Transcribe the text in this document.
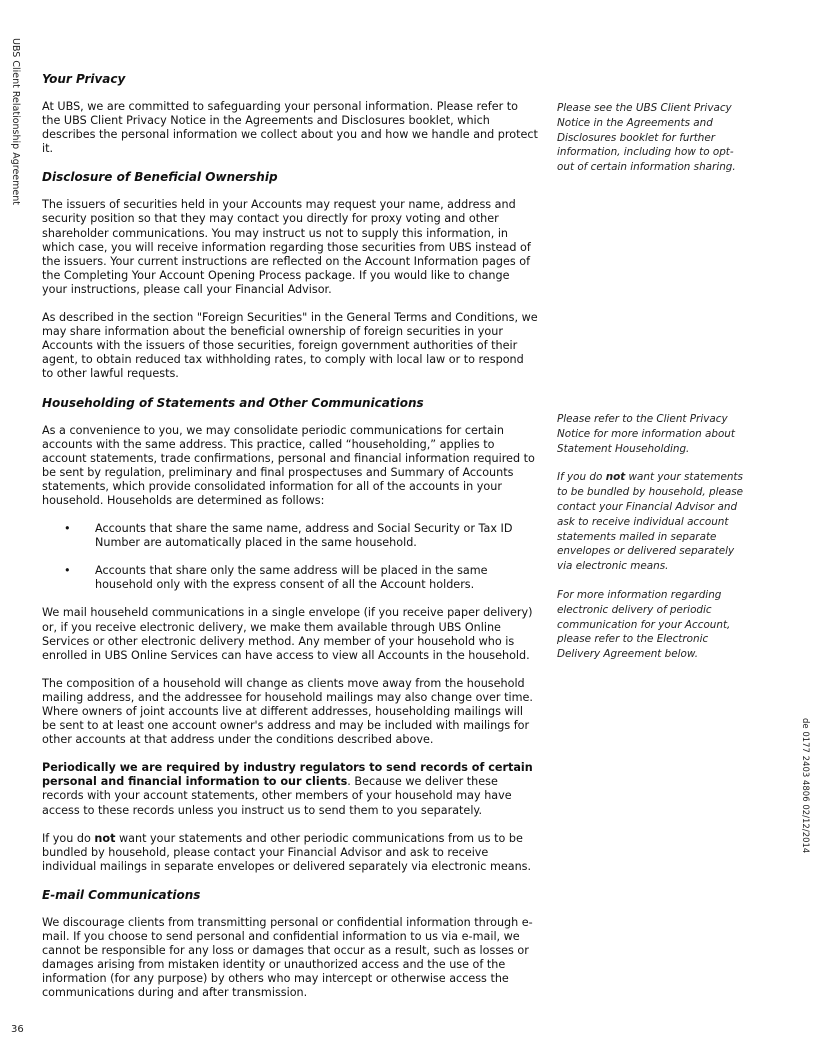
UBS Client Relationship Agreement
de 0177 2403 4806 02/12/2014
36
Your Privacy

At UBS, we are committed to safeguarding your personal information. Please refer to the UBS Client Privacy Notice in the Agreements and Disclosures booklet, which describes the personal information we collect about you and how we handle and protect it.

Disclosure of Beneficial Ownership

The issuers of securities held in your Accounts may request your name, address and security position so that they may contact you directly for proxy voting and other shareholder communications. You may instruct us not to supply this information, in which case, you will receive information regarding those securities from UBS instead of the issuers. Your current instructions are reflected on the Account Information pages of the Completing Your Account Opening Process package. If you would like to change your instructions, please call your Financial Advisor.

As described in the section "Foreign Securities" in the General Terms and Conditions, we may share information about the beneficial ownership of foreign securities in your Accounts with the issuers of those securities, foreign government authorities of their agent, to obtain reduced tax withholding rates, to comply with local law or to respond to other lawful requests.

Householding of Statements and Other Communications

As a convenience to you, we may consolidate periodic communications for certain accounts with the same address. This practice, called “householding,” applies to account statements, trade confirmations, personal and financial information required to be sent by regulation, preliminary and final prospectuses and Summary of Accounts statements, which provide consolidated information for all of the accounts in your household. Households are determined as follows:

• Accounts that share the same name, address and Social Security or Tax ID Number are automatically placed in the same household.
• Accounts that share only the same address will be placed in the same household only with the express consent of all the Account holders.

We mail househeld communications in a single envelope (if you receive paper delivery) or, if you receive electronic delivery, we make them available through UBS Online Services or other electronic delivery method. Any member of your household who is enrolled in UBS Online Services can have access to view all Accounts in the household.

The composition of a household will change as clients move away from the household mailing address, and the addressee for household mailings may also change over time. Where owners of joint accounts live at different addresses, householding mailings will be sent to at least one account owner's address and may be included with mailings for other accounts at that address under the conditions described above.

Periodically we are required by industry regulators to send records of certain personal and financial information to our clients. Because we deliver these records with your account statements, other members of your household may have access to these records unless you instruct us to send them to you separately.

If you do not want your statements and other periodic communications from us to be bundled by household, please contact your Financial Advisor and ask to receive individual mailings in separate envelopes or delivered separately via electronic means.

E-mail Communications

We discourage clients from transmitting personal or confidential information through e-mail. If you choose to send personal and confidential information to us via e-mail, we cannot be responsible for any loss or damages that occur as a result, such as losses or damages arising from mistaken identity or unauthorized access and the use of the information (for any purpose) by others who may intercept or otherwise access the communications during and after transmission.

Please see the UBS Client Privacy Notice in the Agreements and Disclosures booklet for further information, including how to opt-out of certain information sharing.

Please refer to the Client Privacy Notice for more information about Statement Householding.

If you do not want your statements to be bundled by household, please contact your Financial Advisor and ask to receive individual account statements mailed in separate envelopes or delivered separately via electronic means.

For more information regarding electronic delivery of periodic communication for your Account, please refer to the Electronic Delivery Agreement below.
